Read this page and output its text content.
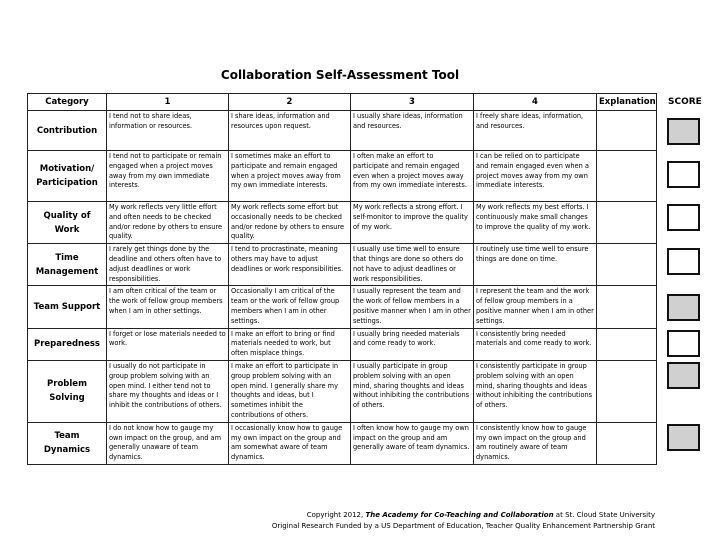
Collaboration Self-Assessment Tool
Category	1	2	3	4	Explanation
Contribution	I tend not to share ideas, information or resources.	I share ideas, information and resources upon request.	I usually share ideas, information and resources.	I freely share ideas, information, and resources.	
Motivation/ Participation	I tend not to participate or remain engaged when a project moves away from my own immediate interests.	I sometimes make an effort to participate and remain engaged when a project moves away from my own immediate interests.	I often make an effort to participate and remain engaged even when a project moves away from my own immediate interests.	I can be relied on to participate and remain engaged even when a project moves away from my own immediate interests.	
Quality of Work	My work reflects very little effort and often needs to be checked and/or redone by others to ensure quality.	My work reflects some effort but occasionally needs to be checked and/or redone by others to ensure quality.	My work reflects a strong effort. I self-monitor to improve the quality of my work.	My work reflects my best efforts. I continuously make small changes to improve the quality of my work.	
Time Management	I rarely get things done by the deadline and others often have to adjust deadlines or work responsibilities.	I tend to procrastinate, meaning others may have to adjust deadlines or work responsibilities.	I usually use time well to ensure that things are done so others do not have to adjust deadlines or work responsibilities.	I routinely use time well to ensure things are done on time.	
Team Support	I am often critical of the team or the work of fellow group members when I am in other settings.	Occasionally I am critical of the team or the work of fellow group members when I am in other settings.	I usually represent the team and the work of fellow members in a positive manner when I am in other settings.	I represent the team and the work of fellow group members in a positive manner when I am in other settings.	
Preparedness	I forget or lose materials needed to work.	I make an effort to bring or find materials needed to work, but often misplace things.	I usually bring needed materials and come ready to work.	I consistently bring needed materials and come ready to work.	
Problem Solving	I usually do not participate in group problem solving with an open mind. I either tend not to share my thoughts and ideas or I inhibit the contributions of others.	I make an effort to participate in group problem solving with an open mind. I generally share my thoughts and ideas, but I sometimes inhibit the contributions of others.	I usually participate in group problem solving with an open mind, sharing thoughts and ideas without inhibiting the contributions of others.	I consistently participate in group problem solving with an open mind, sharing thoughts and ideas without inhibiting the contributions of others.	
Team Dynamics	I do not know how to gauge my own impact on the group, and am generally unaware of team dynamics.	I occasionally know how to gauge my own impact on the group and am somewhat aware of team dynamics.	I often know how to gauge my own impact on the group and am generally aware of team dynamics.	I consistently know how to gauge my own impact on the group and am routinely aware of team dynamics.	
SCORE
Copyright 2012, The Academy for Co-Teaching and Collaboration at St. Cloud State University
Original Research Funded by a US Department of Education, Teacher Quality Enhancement Partnership Grant
